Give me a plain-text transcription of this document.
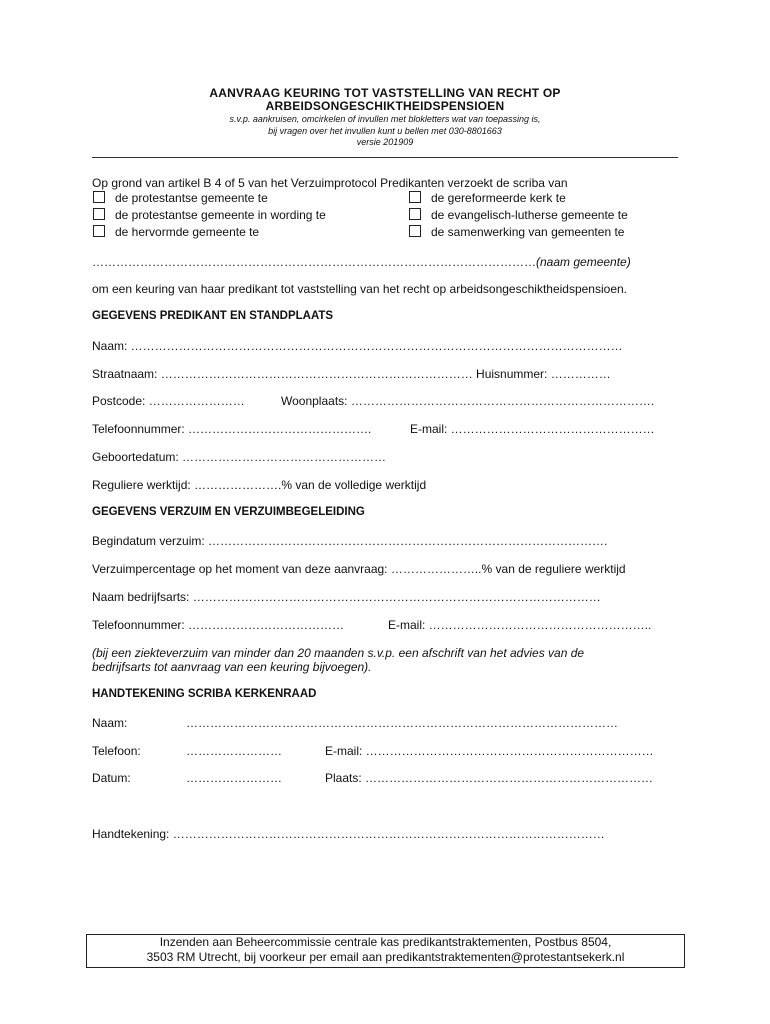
AANVRAAG KEURING TOT VASTSTELLING VAN RECHT OP
ARBEIDSONGESCHIKTHEIDSPENSIOEN
s.v.p. aankruisen, omcirkelen of invullen met blokletters wat van toepassing is,
bij vragen over het invullen kunt u bellen met 030-8801663
versie 201909
Op grond van artikel B 4 of 5 van het Verzuimprotocol Predikanten verzoekt de scriba van
de protestantse gemeente te
de protestantse gemeente in wording te
de hervormde gemeente te
de gereformeerde kerk te
de evangelisch-lutherse gemeente te
de samenwerking van gemeenten te
…………………………………………………………………………………………………(naam gemeente)
om een keuring van haar predikant tot vaststelling van het recht op arbeidsongeschiktheidspensioen.
GEGEVENS PREDIKANT EN STANDPLAATS
Naam: ……………………………………………………………………………………………………………
Straatnaam: …………………………………………………………………… Huisnummer: ……………
Postcode: ……………………	Woonplaats: ………………………………………………………………….
Telefoonnummer: ……………………………………….	E-mail: ……………………………………………
Geboortedatum: ……………………………………………
Reguliere werktijd: ………………….% van de volledige werktijd
GEGEVENS VERZUIM EN VERZUIMBEGELEIDING
Begindatum verzuim: ……………………………………………………………………………………….
Verzuimpercentage op het moment van deze aanvraag: …………………..% van de reguliere werktijd
Naam bedrijfsarts: …………………………………………………………………………………………
Telefoonnummer: …………………………………	E-mail: ………………………………………………..
(bij een ziekteverzuim van minder dan 20 maanden s.v.p. een afschrift van het advies van de
bedrijfsarts tot aanvraag van een keuring bijvoegen).
HANDTEKENING SCRIBA KERKENRAAD
Naam:	………………………………………………………………………………………………
Telefoon:	……………………	E-mail: ………………………………………………………………
Datum:	……………………	Plaats: ………………………………………………………………
Handtekening: ………………………………………………………………………………………………
Inzenden aan Beheercommissie centrale kas predikantstraktementen, Postbus 8504,
3503 RM Utrecht, bij voorkeur per email aan predikantstraktementen@protestantsekerk.nl
